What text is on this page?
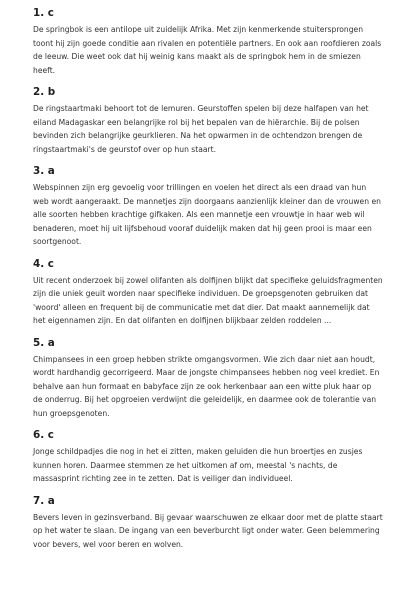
1. c

De springbok is een antilope uit zuidelijk Afrika. Met zijn kenmerkende stuitersprongen toont hij zijn goede conditie aan rivalen en potentiële partners. En ook aan roofdieren zoals de leeuw. Die weet ook dat hij weinig kans maakt als de springbok hem in de smiezen heeft.

2. b

De ringstaartmaki behoort tot de lemuren. Geurstoffen spelen bij deze halfapen van het eiland Madagaskar een belangrijke rol bij het bepalen van de hiërarchie. Bij de polsen bevinden zich belangrijke geurklieren. Na het opwarmen in de ochtendzon brengen de ringstaartmaki's de geurstof over op hun staart.

3. a

Webspinnen zijn erg gevoelig voor trillingen en voelen het direct als een draad van hun web wordt aangeraakt. De mannetjes zijn doorgaans aanzienlijk kleiner dan de vrouwen en alle soorten hebben krachtige gifkaken. Als een mannetje een vrouwtje in haar web wil benaderen, moet hij uit lijfsbehoud vooraf duidelijk maken dat hij geen prooi is maar een soortgenoot.

4. c

Uit recent onderzoek bij zowel olifanten als dolfijnen blijkt dat specifieke geluidsfragmenten zijn die uniek geuit worden naar specifieke individuen. De groepsgenoten gebruiken dat 'woord' alleen en frequent bij de communicatie met dat dier. Dat maakt aannemelijk dat het eigennamen zijn. En dat olifanten en dolfijnen blijkbaar zelden roddelen ...

5. a

Chimpansees in een groep hebben strikte omgangsvormen. Wie zich daar niet aan houdt, wordt hardhandig gecorrigeerd. Maar de jongste chimpansees hebben nog veel krediet. En behalve aan hun formaat en babyface zijn ze ook herkenbaar aan een witte pluk haar op de onderrug. Bij het opgroeien verdwijnt die geleidelijk, en daarmee ook de tolerantie van hun groepsgenoten.

6. c

Jonge schildpadjes die nog in het ei zitten, maken geluiden die hun broertjes en zusjes kunnen horen. Daarmee stemmen ze het uitkomen af om, meestal 's nachts, de massasprint richting zee in te zetten. Dat is veiliger dan individueel.

7. a

Bevers leven in gezinsverband. Bij gevaar waarschuwen ze elkaar door met de platte staart op het water te slaan. De ingang van een beverburcht ligt onder water. Geen belemmering voor bevers, wel voor beren en wolven.
